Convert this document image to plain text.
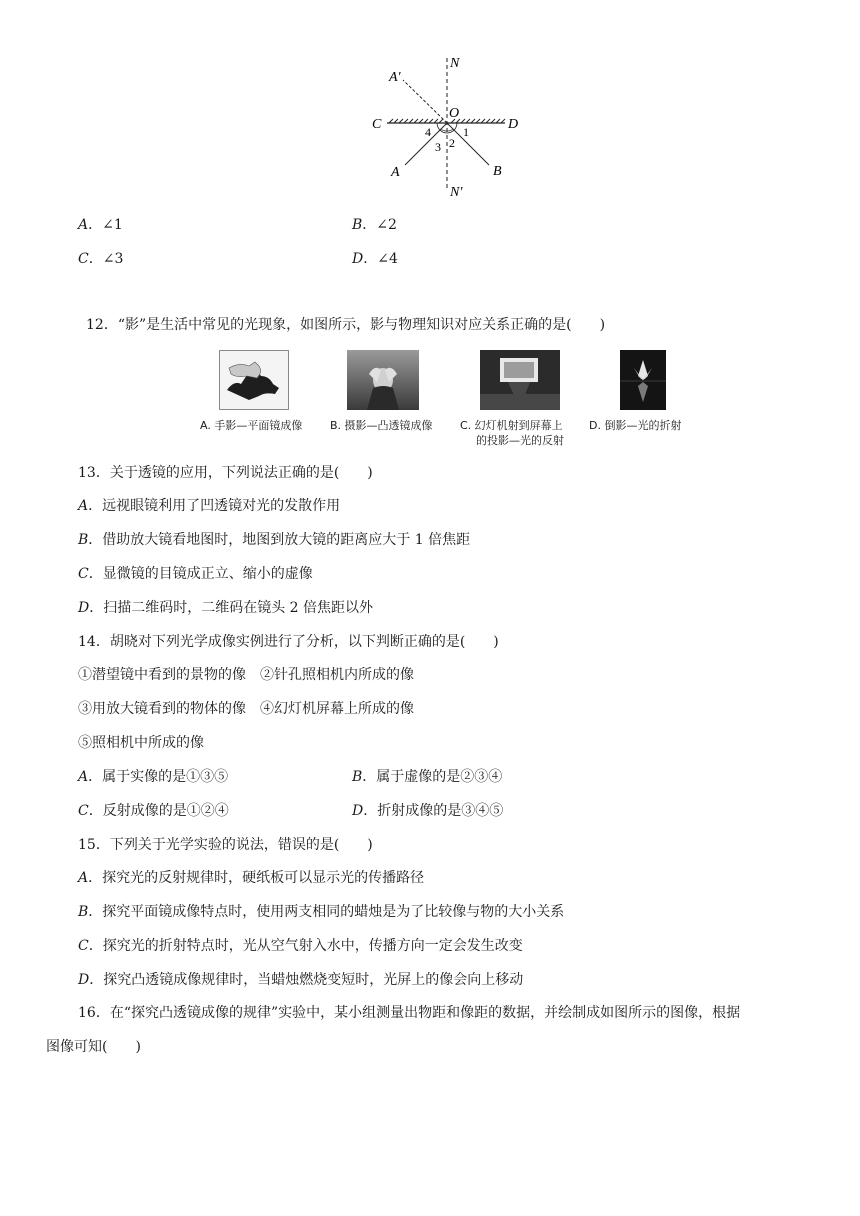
N
N′
A′
A	B
C	D
O
1
2
3
4
A．∠1	B．∠2
C．∠3	D．∠4
12．“影”是生活中常见的光现象，如图所示，影与物理知识对应关系正确的是(　　)
A. 手影—平面镜成像	B. 摄影—凸透镜成像 C. 幻灯机射到屏幕上
的投影—光的反射
D. 倒影—光的折射
13．关于透镜的应用，下列说法正确的是(　　)
A．远视眼镜利用了凹透镜对光的发散作用
B．借助放大镜看地图时，地图到放大镜的距离应大于 1 倍焦距
C．显微镜的目镜成正立、缩小的虚像
D．扫描二维码时，二维码在镜头 2 倍焦距以外
14．胡晓对下列光学成像实例进行了分析，以下判断正确的是(　　)
①潜望镜中看到的景物的像　②针孔照相机内所成的像
③用放大镜看到的物体的像　④幻灯机屏幕上所成的像
⑤照相机中所成的像
A．属于实像的是①③⑤	B．属于虚像的是②③④
C．反射成像的是①②④	D．折射成像的是③④⑤
15．下列关于光学实验的说法，错误的是(　　)
A．探究光的反射规律时，硬纸板可以显示光的传播路径
B．探究平面镜成像特点时，使用两支相同的蜡烛是为了比较像与物的大小关系
C．探究光的折射特点时，光从空气射入水中，传播方向一定会发生改变
D．探究凸透镜成像规律时，当蜡烛燃烧变短时，光屏上的像会向上移动
16．在“探究凸透镜成像的规律”实验中，某小组测量出物距和像距的数据，并绘制成如图所示的图像，根据
图像可知(　　)
